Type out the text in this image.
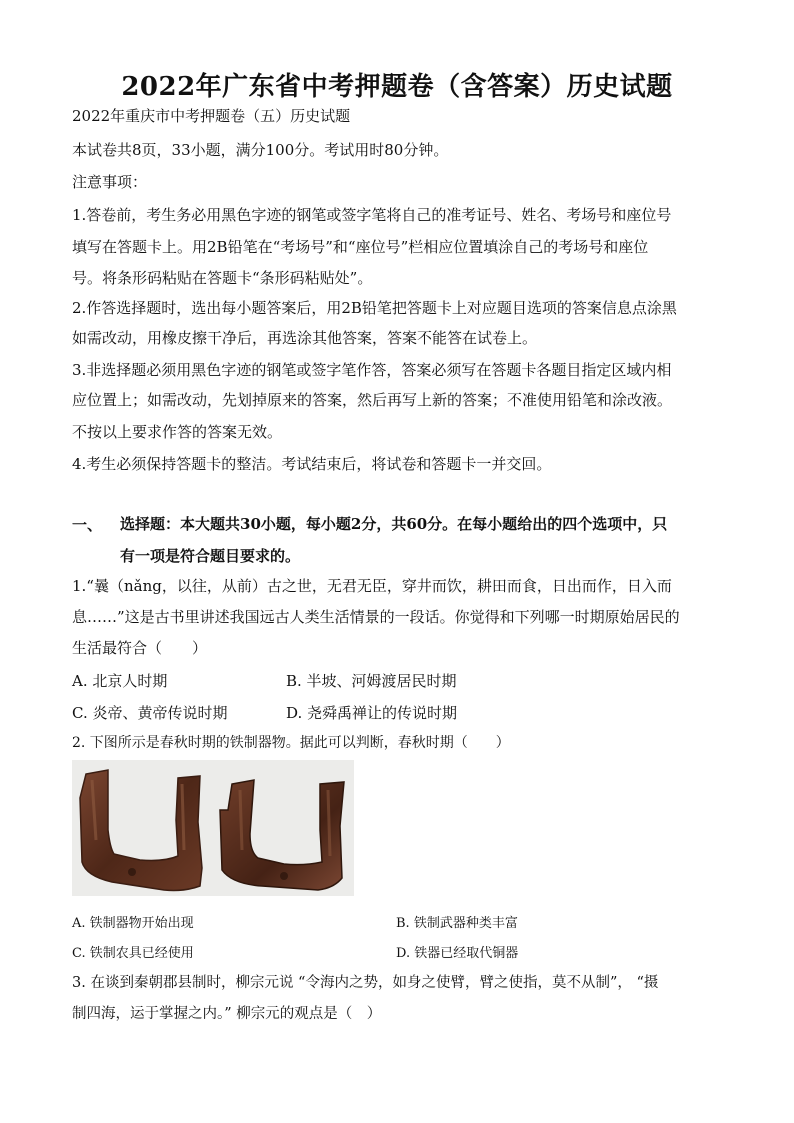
2022年广东省中考押题卷（含答案）历史试题
2022年重庆市中考押题卷（五）历史试题
本试卷共8页，33小题，满分100分。考试用时80分钟。
注意事项：
1.答卷前，考生务必用黑色字迹的钢笔或签字笔将自己的准考证号、姓名、考场号和座位号
填写在答题卡上。用2B铅笔在“考场号”和“座位号”栏相应位置填涂自己的考场号和座位
号。将条形码粘贴在答题卡“条形码粘贴处”。
2.作答选择题时，选出每小题答案后，用2B铅笔把答题卡上对应题目选项的答案信息点涂黑
如需改动，用橡皮擦干净后，再选涂其他答案，答案不能答在试卷上。
3.非选择题必须用黑色字迹的钢笔或签字笔作答，答案必须写在答题卡各题目指定区域内相
应位置上；如需改动，先划掉原来的答案，然后再写上新的答案；不准使用铅笔和涂改液。
不按以上要求作答的答案无效。
4.考生必须保持答题卡的整洁。考试结束后，将试卷和答题卡一并交回。
一、 选择题：本大题共30小题，每小题2分，共60分。在每小题给出的四个选项中，只
有一项是符合题目要求的。
1.“曩（nǎng，以往，从前）古之世，无君无臣，穿井而饮，耕田而食，日出而作，日入而
息……”这是古书里讲述我国远古人类生活情景的一段话。你觉得和下列哪一时期原始居民的
生活最符合（　　）
A. 北京人时期	B. 半坡、河姆渡居民时期
C. 炎帝、黄帝传说时期	D. 尧舜禹禅让的传说时期
2. 下图所示是春秋时期的铁制器物。据此可以判断，春秋时期（　　）
A. 铁制器物开始出现	B. 铁制武器种类丰富
C. 铁制农具已经使用	D. 铁器已经取代铜器
3. 在谈到秦朝郡县制时，柳宗元说 “令海内之势，如身之使臂，臂之使指，莫不从制”， “摄
制四海，运于掌握之内。” 柳宗元的观点是（　）
